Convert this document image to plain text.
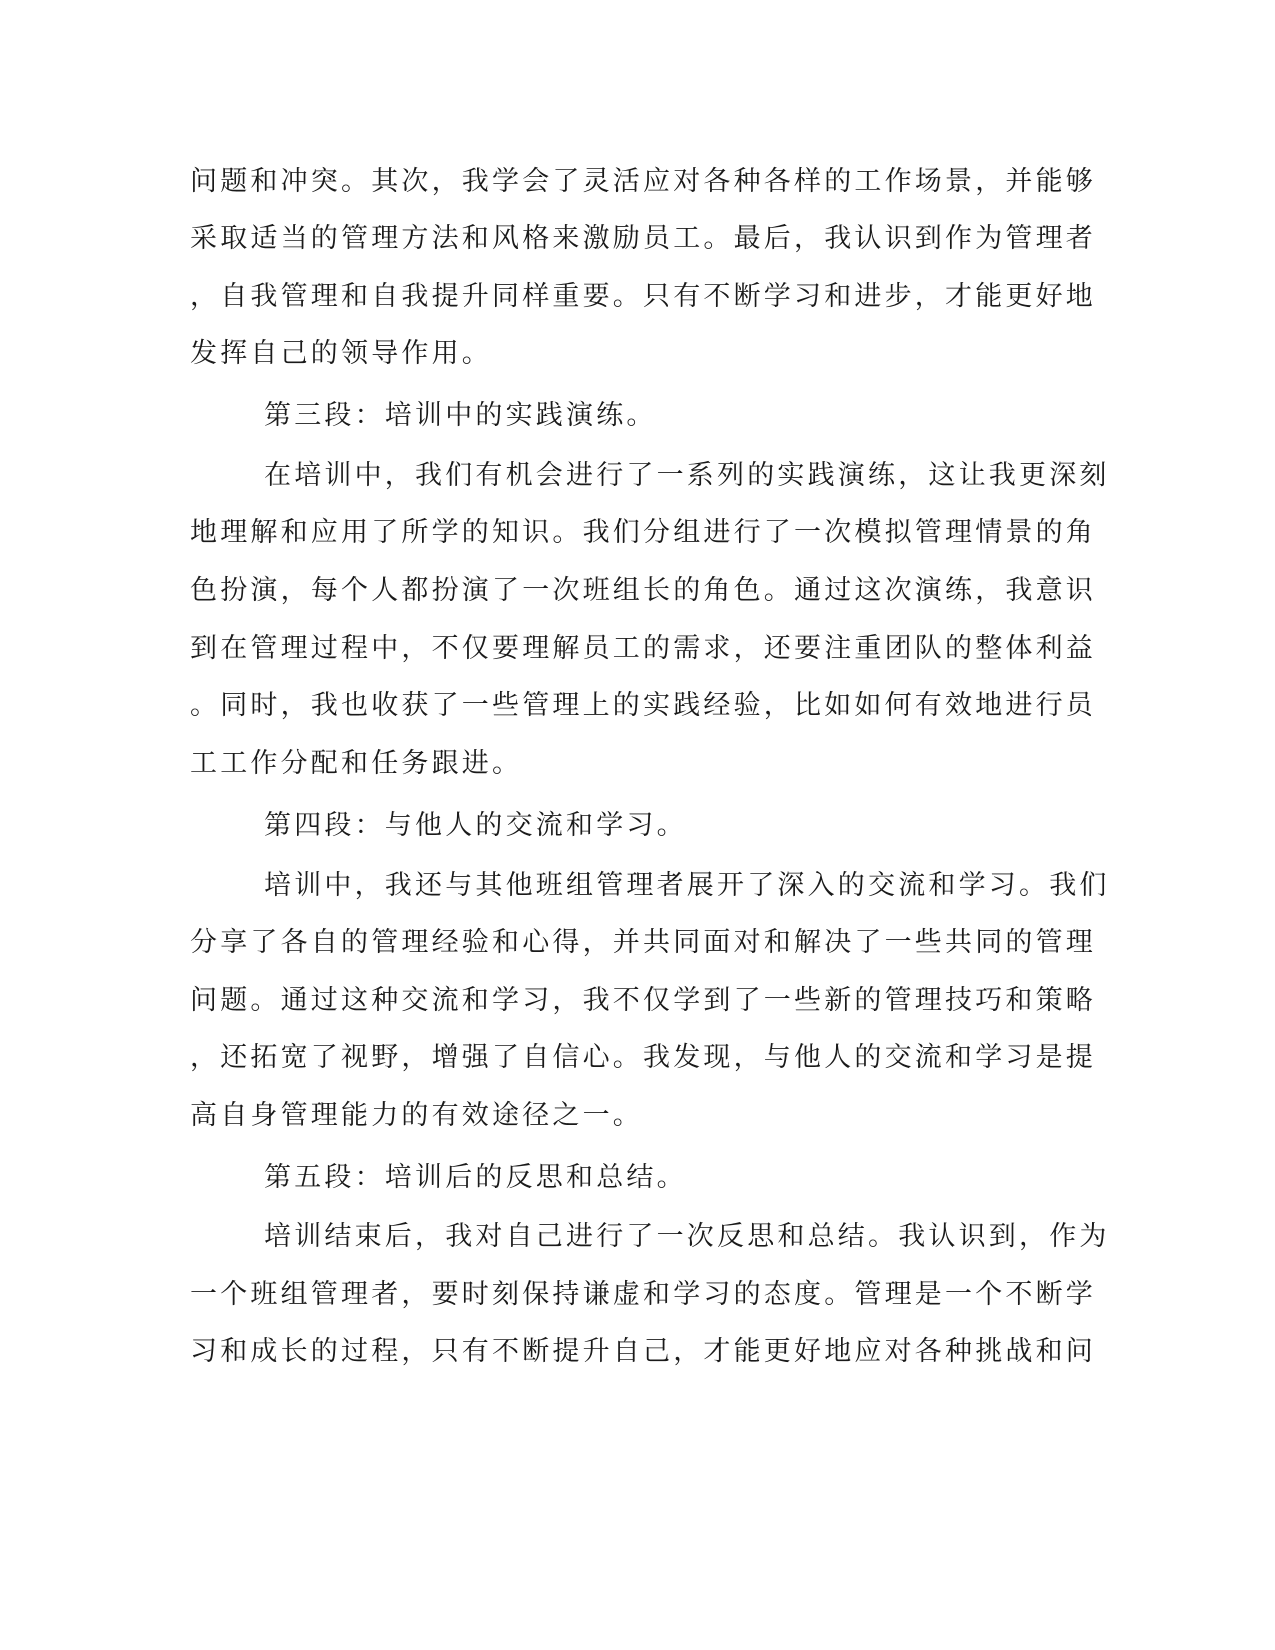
问题和冲突。其次，我学会了灵活应对各种各样的工作场景，并能够
采取适当的管理方法和风格来激励员工。最后，我认识到作为管理者
，自我管理和自我提升同样重要。只有不断学习和进步，才能更好地
发挥自己的领导作用。
第三段：培训中的实践演练。
在培训中，我们有机会进行了一系列的实践演练，这让我更深刻
地理解和应用了所学的知识。我们分组进行了一次模拟管理情景的角
色扮演，每个人都扮演了一次班组长的角色。通过这次演练，我意识
到在管理过程中，不仅要理解员工的需求，还要注重团队的整体利益
。同时，我也收获了一些管理上的实践经验，比如如何有效地进行员
工工作分配和任务跟进。
第四段：与他人的交流和学习。
培训中，我还与其他班组管理者展开了深入的交流和学习。我们
分享了各自的管理经验和心得，并共同面对和解决了一些共同的管理
问题。通过这种交流和学习，我不仅学到了一些新的管理技巧和策略
，还拓宽了视野，增强了自信心。我发现，与他人的交流和学习是提
高自身管理能力的有效途径之一。
第五段：培训后的反思和总结。
培训结束后，我对自己进行了一次反思和总结。我认识到，作为
一个班组管理者，要时刻保持谦虚和学习的态度。管理是一个不断学
习和成长的过程，只有不断提升自己，才能更好地应对各种挑战和问
